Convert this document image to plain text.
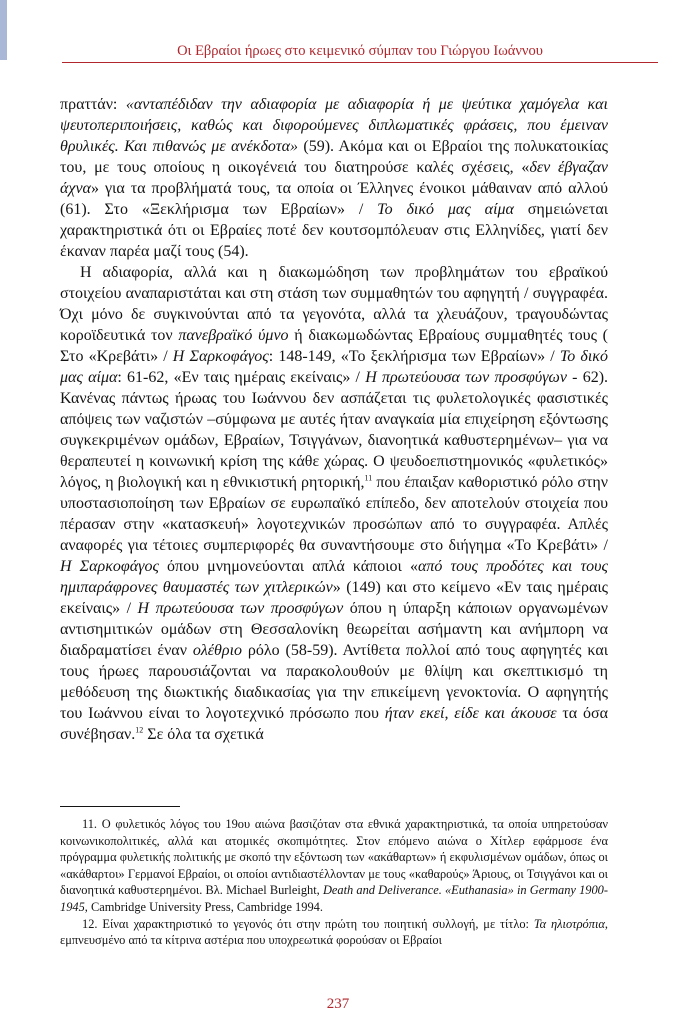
Οι Εβραίοι ήρωες στο κειμενικό σύμπαν του Γιώργου Ιωάννου

πραττάν: «ανταπέδιδαν την αδιαφορία με αδιαφορία ή με ψεύτικα χαμόγελα και ψευτοπεριποιήσεις, καθώς και διφορούμενες διπλωματικές φράσεις, που έμειναν θρυλικές. Και πιθανώς με ανέκδοτα» (59). Ακόμα και οι Εβραίοι της πολυκατοικίας του, με τους οποίους η οικογένειά του διατηρούσε καλές σχέσεις, «δεν έβγαζαν άχνα» για τα προβλήματά τους, τα οποία οι Έλληνες ένοικοι μάθαιναν από αλλού (61). Στο «Ξεκλήρισμα των Εβραίων» / Το δικό μας αίμα σημειώνεται χαρακτηριστικά ότι οι Εβραίες ποτέ δεν κουτσομπόλευαν στις Ελληνίδες, γιατί δεν έκαναν παρέα μαζί τους (54).

Η αδιαφορία, αλλά και η διακωμώδηση των προβλημάτων του εβραϊκού στοιχείου αναπαριστάται και στη στάση των συμμαθητών του αφηγητή / συγγραφέα. Όχι μόνο δε συγκινούνται από τα γεγονότα, αλλά τα χλευάζουν, τραγουδώντας κοροϊδευτικά τον πανεβραϊκό ύμνο ή διακωμωδώντας Εβραίους συμμαθητές τους ( Στο «Κρεβάτι» / Η Σαρκοφάγος: 148-149, «Το ξεκλήρισμα των Εβραίων» / Το δικό μας αίμα: 61-62, «Εν ταις ημέραις εκείναις» / Η πρωτεύουσα των προσφύγων - 62). Κανένας πάντως ήρωας του Ιωάννου δεν ασπάζεται τις φυλετολογικές φασιστικές απόψεις των ναζιστών –σύμφωνα με αυτές ήταν αναγκαία μία επιχείρηση εξόντωσης συγκεκριμένων ομάδων, Εβραίων, Τσιγγάνων, διανοητικά καθυστερημένων– για να θεραπευτεί η κοινωνική κρίση της κάθε χώρας. Ο ψευδοεπιστημονικός «φυλετικός» λόγος, η βιολογική και η εθνικιστική ρητορική,$^{11}$ που έπαιξαν καθοριστικό ρόλο στην υποστασιοποίηση των Εβραίων σε ευρωπαϊκό επίπεδο, δεν αποτελούν στοιχεία που πέρασαν στην «κατασκευή» λογοτεχνικών προσώπων από το συγγραφέα. Απλές αναφορές για τέτοιες συμπεριφορές θα συναντήσουμε στο διήγημα «Το Κρεβάτι» / Η Σαρκοφάγος όπου μνημονεύονται απλά κάποιοι «από τους προδότες και τους ημιπαράφρονες θαυμαστές των χιτλερικών» (149) και στο κείμενο «Εν ταις ημέραις εκείναις» / Η πρωτεύουσα των προσφύγων όπου η ύπαρξη κάποιων οργανωμένων αντισημιτικών ομάδων στη Θεσσαλονίκη θεωρείται ασήμαντη και ανήμπορη να διαδραματίσει έναν ολέθριο ρόλο (58-59). Αντίθετα πολλοί από τους αφηγητές και τους ήρωες παρουσιάζονται να παρακολουθούν με θλίψη και σκεπτικισμό τη μεθόδευση της διωκτικής διαδικασίας για την επικείμενη γενοκτονία. Ο αφηγητής του Ιωάννου είναι το λογοτεχνικό πρόσωπο που ήταν εκεί, είδε και άκουσε τα όσα συνέβησαν.$^{12}$ Σε όλα τα σχετικά

11. Ο φυλετικός λόγος του 19ου αιώνα βασιζόταν στα εθνικά χαρακτηριστικά, τα οποία υπηρετούσαν κοινωνικοπολιτικές, αλλά και ατομικές σκοπιμότητες. Στον επόμενο αιώνα ο Χίτλερ εφάρμοσε ένα πρόγραμμα φυλετικής πολιτικής με σκοπό την εξόντωση των «ακάθαρτων» ή εκφυλισμένων ομάδων, όπως οι «ακάθαρτοι» Γερμανοί Εβραίοι, οι οποίοι αντιδιαστέλλονταν με τους «καθαρούς» Άριους, οι Τσιγγάνοι και οι διανοητικά καθυστερημένοι. Βλ. Michael Burleight, Death and Deliverance. «Euthanasia» in Germany 1900-1945, Cambridge University Press, Cambridge 1994.

12. Είναι χαρακτηριστικό το γεγονός ότι στην πρώτη του ποιητική συλλογή, με τίτλο: Τα ηλιοτρόπια, εμπνευσμένο από τα κίτρινα αστέρια που υποχρεωτικά φορούσαν οι Εβραίοι

237
